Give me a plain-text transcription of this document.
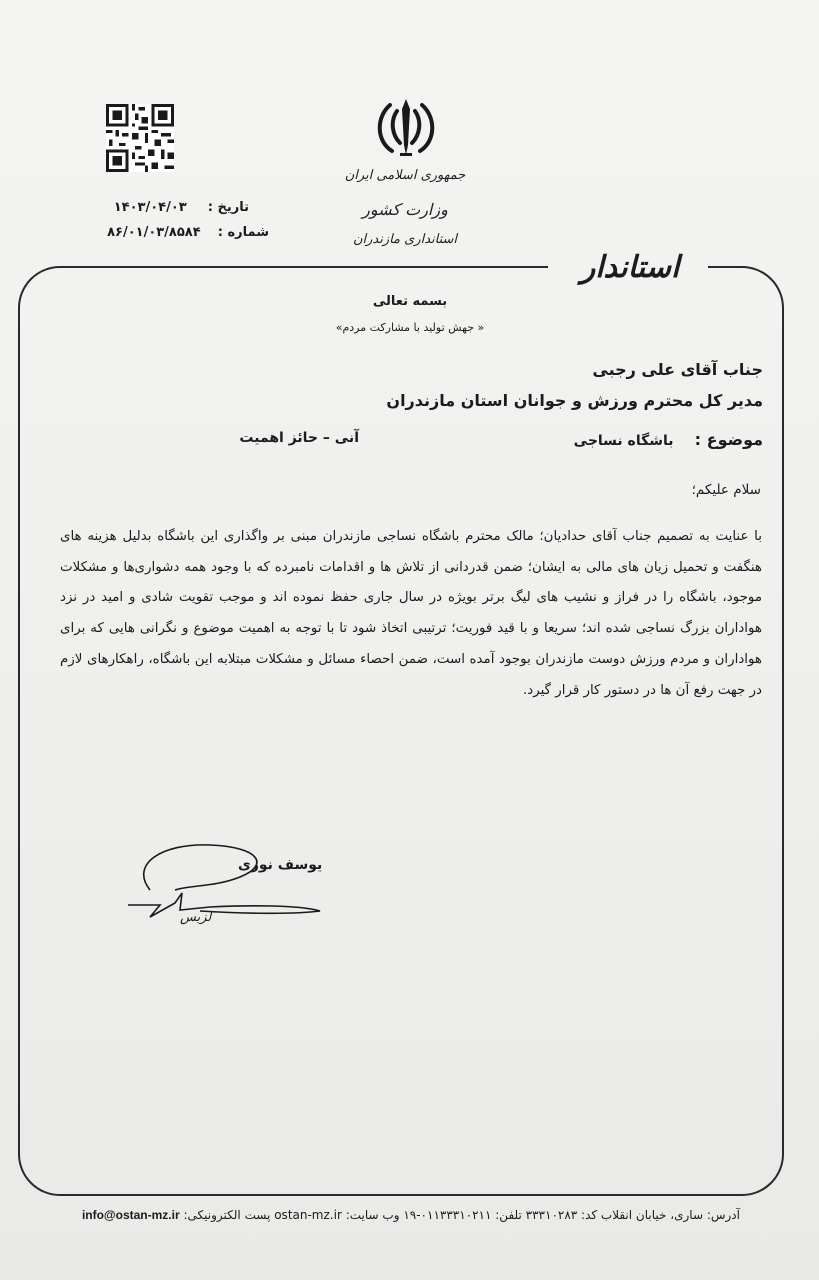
جمهوری اسلامی ایران
وزارت کشور
استانداری مازندران
تاریخ :  ۱۴۰۳/۰۴/۰۳
شماره :  ۸۶/۰۱/۰۳/۸۵۸۴
استاندار
بسمه تعالی
« جهش تولید با مشارکت مردم»
جناب آقای علی رجبی
مدیر کل محترم ورزش و جوانان استان مازندران
موضوع :  باشگاه نساجی
آنی – حائز اهمیت
سلام علیکم؛
با عنایت به تصمیم جناب آقای حدادیان؛ مالک محترم باشگاه نساجی مازندران مبنی بر واگذاری این باشگاه بدلیل هزینه های هنگفت و تحمیل زیان های مالی به ایشان؛ ضمن قدردانی از تلاش ها و اقدامات نامبرده که با وجود همه دشواری‌ها و مشکلات موجود، باشگاه را در فراز و نشیب های لیگ برتر بویژه در سال جاری حفظ نموده اند و موجب تقویت شادی و امید در نزد هواداران بزرگ نساجی شده اند؛ سریعا و با قید فوریت؛ ترتیبی اتخاذ شود تا با توجه به اهمیت موضوع و نگرانی هایی که برای هواداران و مردم ورزش دوست مازندران بوجود آمده است، ضمن احصاء مسائل و مشکلات مبتلابه این باشگاه، راهکارهای لازم در جهت رفع آن ها در دستور کار قرار گیرد.
یوسف نوری
لزبس
آدرس: ساری، خیابان انقلاب کد: ۳۳۳۱۰۲۸۳ تلفن: ۰۱۱۳۳۳۱۰۲۱۱-۱۹ وب سایت: ostan-mz.ir پست الکترونیکی: info@ostan-mz.ir
